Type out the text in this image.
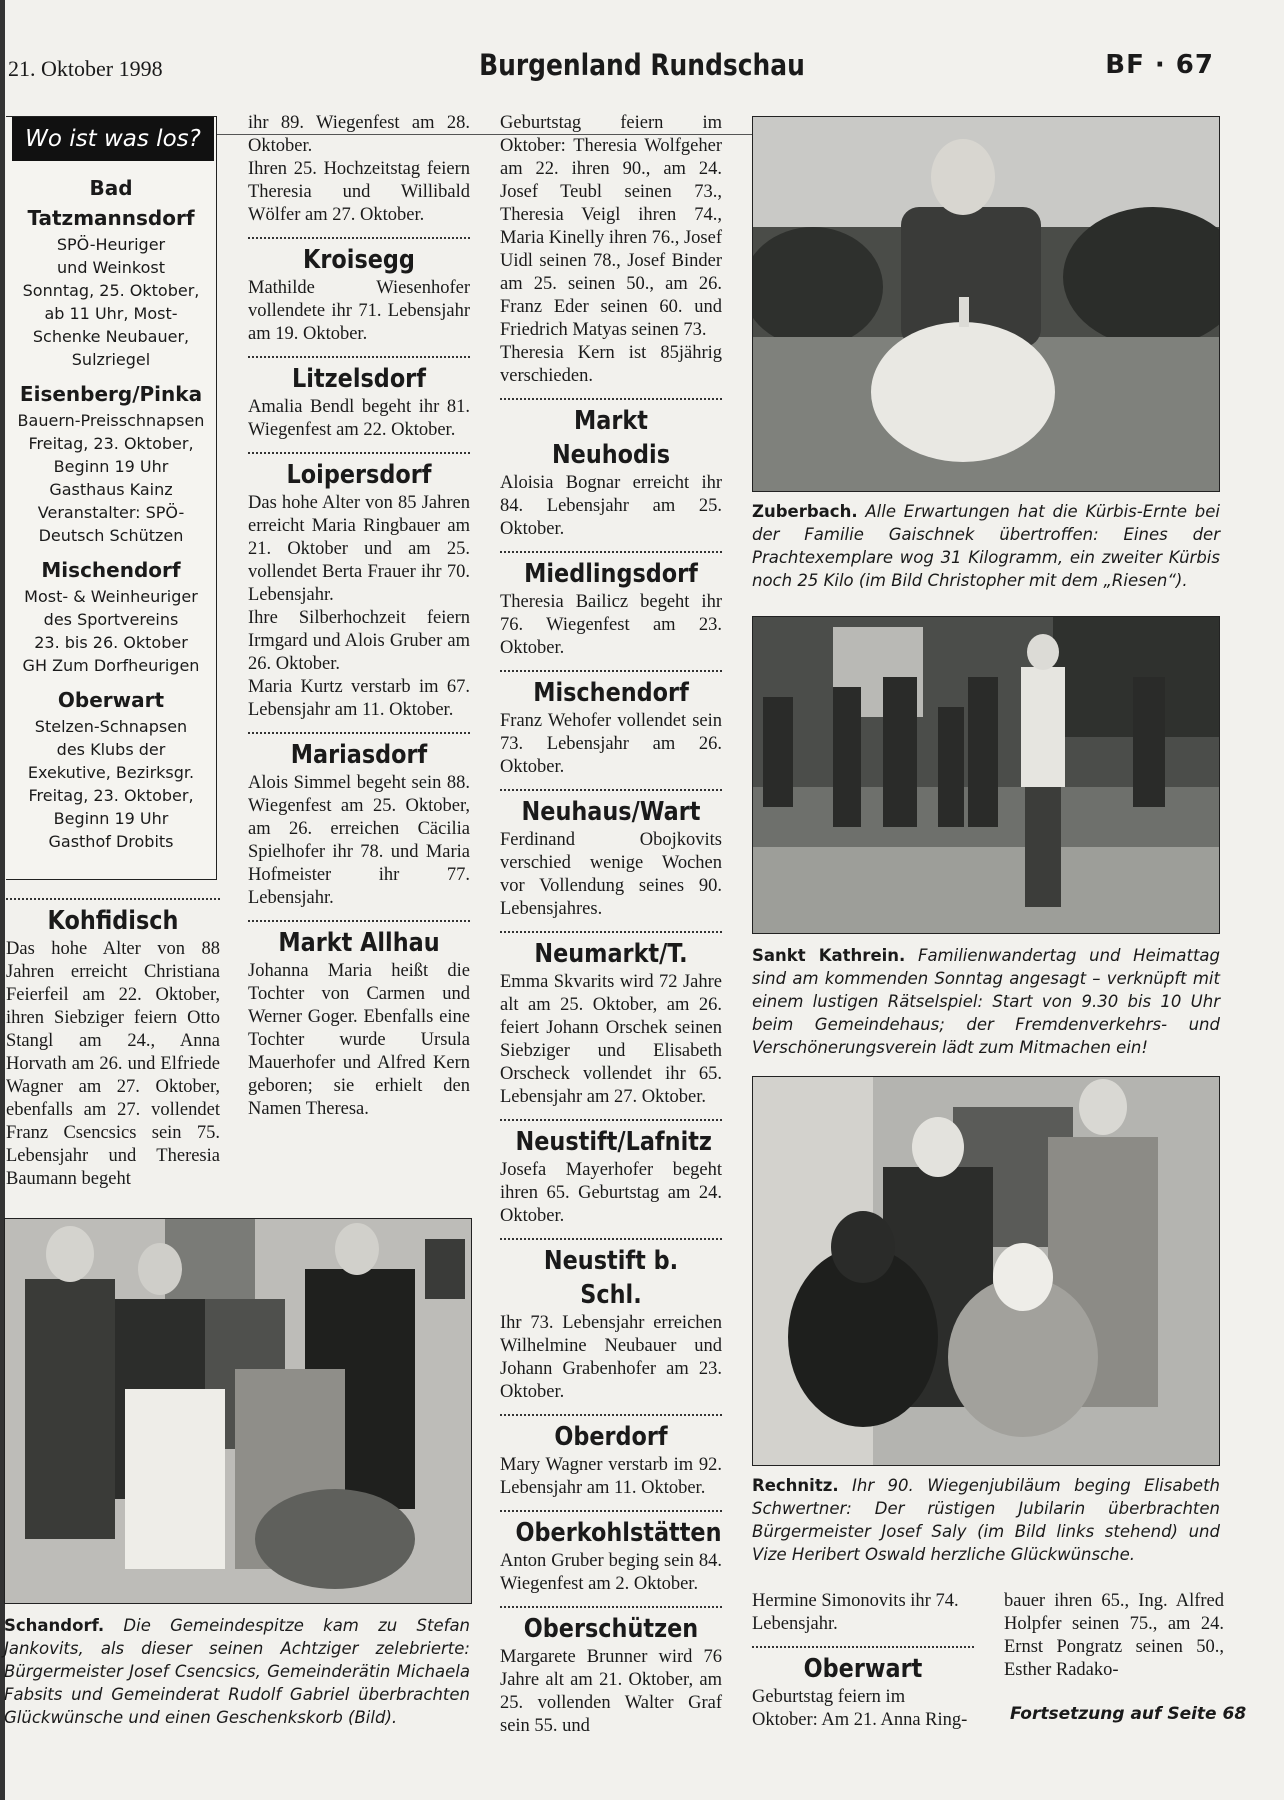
21. Oktober 1998	Burgenland Rundschau	BF · 67
Wo ist was los?
Bad Tatzmannsdorf
SPÖ-Heuriger
und Weinkost
Sonntag, 25. Oktober,
ab 11 Uhr, Most-
Schenke Neubauer,
Sulzriegel
Eisenberg/Pinka
Bauern-Preisschnapsen
Freitag, 23. Oktober,
Beginn 19 Uhr
Gasthaus Kainz
Veranstalter: SPÖ-
Deutsch Schützen
Mischendorf
Most- & Weinheuriger
des Sportvereins
23. bis 26. Oktober
GH Zum Dorfheurigen
Oberwart
Stelzen-Schnapsen
des Klubs der
Exekutive, Bezirksgr.
Freitag, 23. Oktober,
Beginn 19 Uhr
Gasthof Drobits
Kohfidisch

Das hohe Alter von 88 Jahren erreicht Christiana Feierfeil am 22. Oktober, ihren Siebziger feiern Otto Stangl am 24., Anna Horvath am 26. und Elfriede Wagner am 27. Oktober, ebenfalls am 27. vollendet Franz Csencsics sein 75. Lebensjahr und Theresia Baumann begeht

ihr 89. Wiegenfest am 28. Oktober.

Ihren 25. Hochzeitstag feiern Theresia und Willibald Wölfer am 27. Oktober.

Kroisegg

Mathilde Wiesenhofer vollendete ihr 71. Lebensjahr am 19. Oktober.

Litzelsdorf

Amalia Bendl begeht ihr 81. Wiegenfest am 22. Oktober.

Loipersdorf

Das hohe Alter von 85 Jahren erreicht Maria Ringbauer am 21. Oktober und am 25. vollendet Berta Frauer ihr 70. Lebensjahr.

Ihre Silberhochzeit feiern Irmgard und Alois Gruber am 26. Oktober.

Maria Kurtz verstarb im 67. Lebensjahr am 11. Oktober.

Mariasdorf

Alois Simmel begeht sein 88. Wiegenfest am 25. Oktober, am 26. erreichen Cäcilia Spielhofer ihr 78. und Maria Hofmeister ihr 77. Lebensjahr.

Markt Allhau

Johanna Maria heißt die Tochter von Carmen und Werner Goger. Ebenfalls eine Tochter wurde Ursula Mauerhofer und Alfred Kern geboren; sie erhielt den Namen Theresa.

Geburtstag feiern im Oktober: Theresia Wolfgeher am 22. ihren 90., am 24. Josef Teubl seinen 73., Theresia Veigl ihren 74., Maria Kinelly ihren 76., Josef Uidl seinen 78., Josef Binder am 25. seinen 50., am 26. Franz Eder seinen 60. und Friedrich Matyas seinen 73.

Theresia Kern ist 85jährig verschieden.

Markt Neuhodis

Aloisia Bognar erreicht ihr 84. Lebensjahr am 25. Oktober.

Miedlingsdorf

Theresia Bailicz begeht ihr 76. Wiegenfest am 23. Oktober.

Mischendorf

Franz Wehofer vollendet sein 73. Lebensjahr am 26. Oktober.

Neuhaus/Wart

Ferdinand Obojkovits verschied wenige Wochen vor Vollendung seines 90. Lebensjahres.

Neumarkt/T.

Emma Skvarits wird 72 Jahre alt am 25. Oktober, am 26. feiert Johann Orschek seinen Siebziger und Elisabeth Orscheck vollendet ihr 65. Lebensjahr am 27. Oktober.

Neustift/Lafnitz

Josefa Mayerhofer begeht ihren 65. Geburtstag am 24. Oktober.

Neustift b. Schl.

Ihr 73. Lebensjahr erreichen Wilhelmine Neubauer und Johann Grabenhofer am 23. Oktober.

Oberdorf

Mary Wagner verstarb im 92. Lebensjahr am 11. Oktober.

Oberkohlstätten

Anton Gruber beging sein 84. Wiegenfest am 2. Oktober.

Oberschützen

Margarete Brunner wird 76 Jahre alt am 21. Oktober, am 25. vollenden Walter Graf sein 55. und

Hermine Simonovits ihr 74. Lebensjahr.

Oberwart

Geburtstag feiern im Oktober: Am 21. Anna Ring-

bauer ihren 65., Ing. Alfred Holpfer seinen 75., am 24. Ernst Pongratz seinen 50., Esther Radako-

Fortsetzung auf Seite 68
Zuberbach. Alle Erwartungen hat die Kürbis-Ernte bei der Familie Gaischnek übertroffen: Eines der Prachtexemplare wog 31 Kilogramm, ein zweiter Kürbis noch 25 Kilo (im Bild Christopher mit dem „Riesen“).
Sankt Kathrein. Familienwandertag und Heimattag sind am kommenden Sonntag angesagt – verknüpft mit einem lustigen Rätselspiel: Start von 9.30 bis 10 Uhr beim Gemeindehaus; der Fremdenverkehrs- und Verschönerungsverein lädt zum Mitmachen ein!
Rechnitz. Ihr 90. Wiegenjubiläum beging Elisabeth Schwertner: Der rüstigen Jubilarin überbrachten Bürgermeister Josef Saly (im Bild links stehend) und Vize Heribert Oswald herzliche Glückwünsche.
Schandorf. Die Gemeindespitze kam zu Stefan Jankovits, als dieser seinen Achtziger zelebrierte: Bürgermeister Josef Csencsics, Gemeinderätin Michaela Fabsits und Gemeinderat Rudolf Gabriel überbrachten Glückwünsche und einen Geschenkskorb (Bild).
